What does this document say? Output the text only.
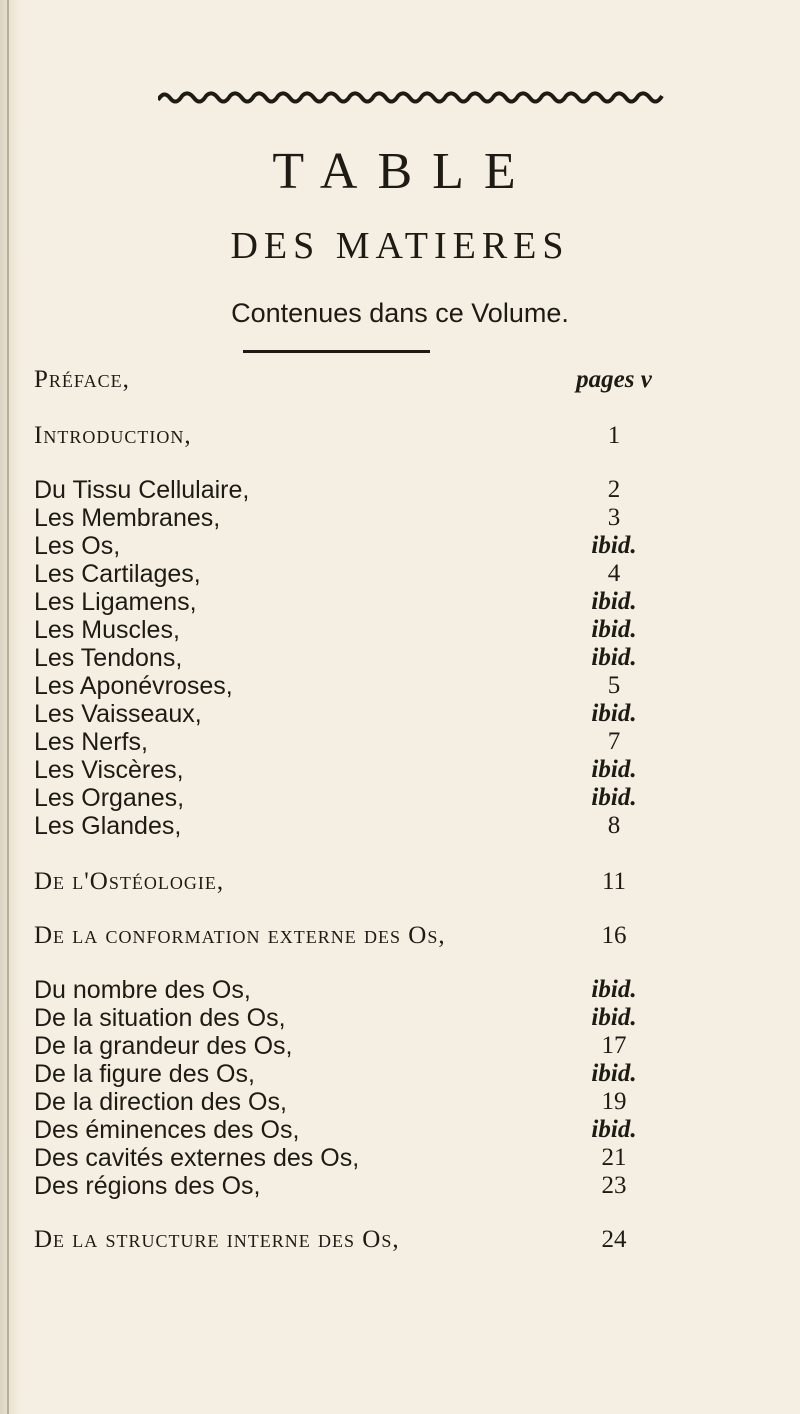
TABLE
DES MATIERES
Contenues dans ce Volume.
Préface,	pages v
Introduction,	1
Du Tissu Cellulaire,	2
Les Membranes,	3
Les Os,	ibid.
Les Cartilages,	4
Les Ligamens,	ibid.
Les Muscles,	ibid.
Les Tendons,	ibid.
Les Aponévroses,	5
Les Vaisseaux,	ibid.
Les Nerfs,	7
Les Viscères,	ibid.
Les Organes,	ibid.
Les Glandes,	8
De l'Ostéologie,	11
De la conformation externe des Os,	16
Du nombre des Os,	ibid.
De la situation des Os,	ibid.
De la grandeur des Os,	17
De la figure des Os,	ibid.
De la direction des Os,	19
Des éminences des Os,	ibid.
Des cavités externes des Os,	21
Des régions des Os,	23
De la structure interne des Os,	24
